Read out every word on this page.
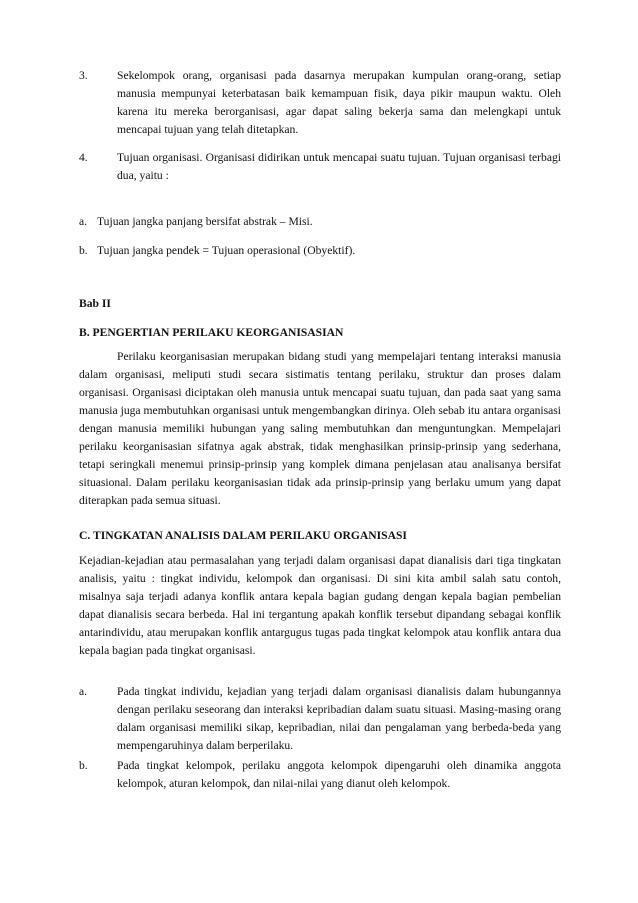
3.	Sekelompok orang, organisasi pada dasarnya merupakan kumpulan orang-orang, setiap manusia mempunyai keterbatasan baik kemampuan fisik, daya pikir maupun waktu. Oleh karena itu mereka berorganisasi, agar dapat saling bekerja sama dan melengkapi untuk mencapai tujuan yang telah ditetapkan.
4.	Tujuan organisasi. Organisasi didirikan untuk mencapai suatu tujuan. Tujuan organisasi terbagi dua, yaitu :
a. Tujuan jangka panjang bersifat abstrak – Misi.
b. Tujuan jangka pendek = Tujuan operasional (Obyektif).
Bab II
B. PENGERTIAN PERILAKU KEORGANISASIAN
Perilaku keorganisasian merupakan bidang studi yang mempelajari tentang interaksi manusia dalam organisasi, meliputi studi secara sistimatis tentang perilaku, struktur dan proses dalam organisasi. Organisasi diciptakan oleh manusia untuk mencapai suatu tujuan, dan pada saat yang sama manusia juga membutuhkan organisasi untuk mengembangkan dirinya. Oleh sebab itu antara organisasi dengan manusia memiliki hubungan yang saling membutuhkan dan menguntungkan. Mempelajari perilaku keorganisasian sifatnya agak abstrak, tidak menghasilkan prinsip-prinsip yang sederhana, tetapi seringkali menemui prinsip-prinsip yang komplek dimana penjelasan atau analisanya bersifat situasional. Dalam perilaku keorganisasian tidak ada prinsip-prinsip yang berlaku umum yang dapat diterapkan pada semua situasi.
C. TINGKATAN ANALISIS DALAM PERILAKU ORGANISASI
Kejadian-kejadian atau permasalahan yang terjadi dalam organisasi dapat dianalisis dari tiga tingkatan analisis, yaitu : tingkat individu, kelompok dan organisasi. Di sini kita ambil salah satu contoh, misalnya saja terjadi adanya konflik antara kepala bagian gudang dengan kepala bagian pembelian dapat dianalisis secara berbeda. Hal ini tergantung apakah konflik tersebut dipandang sebagai konflik antarindividu, atau merupakan konflik antargugus tugas pada tingkat kelompok atau konflik antara dua kepala bagian pada tingkat organisasi.
a.	Pada tingkat individu, kejadian yang terjadi dalam organisasi dianalisis dalam hubungannya dengan perilaku seseorang dan interaksi kepribadian dalam suatu situasi. Masing-masing orang dalam organisasi memiliki sikap, kepribadian, nilai dan pengalaman yang berbeda-beda yang mempengaruhinya dalam berperilaku.
b.	Pada tingkat kelompok, perilaku anggota kelompok dipengaruhi oleh dinamika anggota kelompok, aturan kelompok, dan nilai-nilai yang dianut oleh kelompok.
